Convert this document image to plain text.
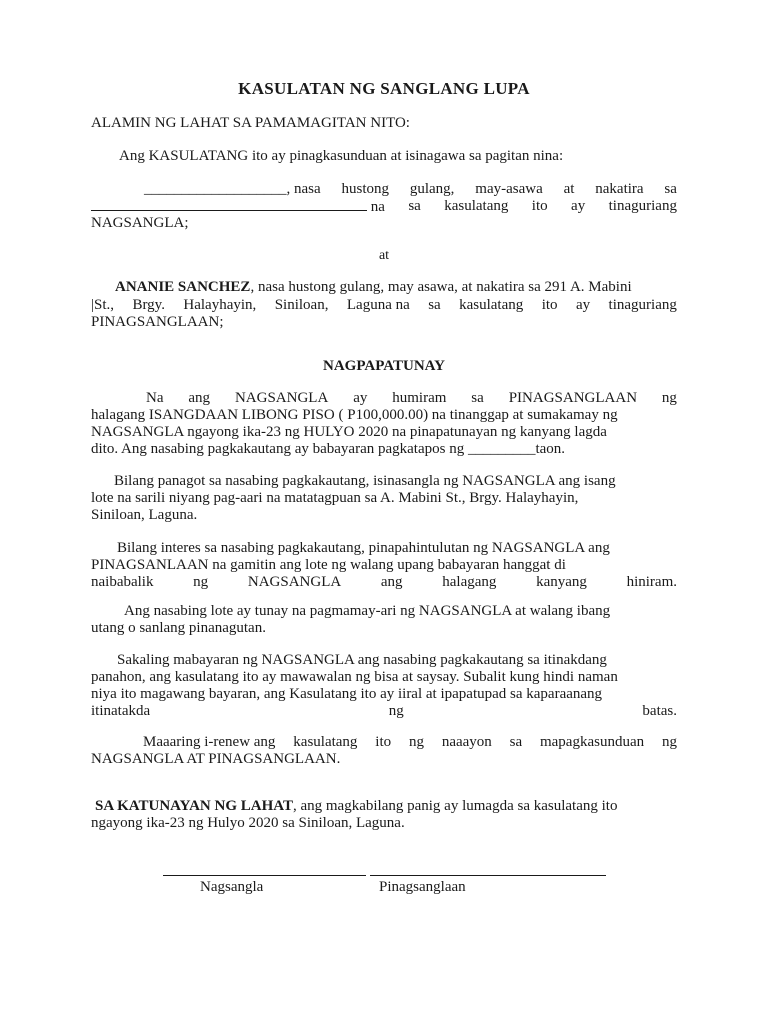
KASULATAN NG SANGLANG LUPA
ALAMIN NG LAHAT SA PAMAMAGITAN NITO:
Ang KASULATANG ito ay pinagkasunduan at isinagawa sa pagitan nina:
___________________, nasa hustong gulang, may-asawa at nakatira sa
na sa kasulatang ito ay tinaguriang
NAGSANGLA;
at
ANANIE SANCHEZ, nasa hustong gulang, may asawa, at nakatira sa 291 A. Mabini
|St., Brgy. Halayhayin, Siniloan, Laguna na sa kasulatang ito ay tinaguriang
PINAGSANGLAAN;
NAGPAPATUNAY
Na ang NAGSANGLA ay humiram sa PINAGSANGLAAN ng
halagang ISANGDAAN LIBONG PISO ( P100,000.00) na tinanggap at sumakamay ng
NAGSANGLA ngayong ika-23 ng HULYO 2020 na pinapatunayan ng kanyang lagda
dito. Ang nasabing pagkakautang ay babayaran pagkatapos ng _________taon.
Bilang panagot sa nasabing pagkakautang, isinasangla ng NAGSANGLA ang isang
lote na sarili niyang pag-aari na matatagpuan sa A. Mabini St., Brgy. Halayhayin,
Siniloan, Laguna.
Bilang interes sa nasabing pagkakautang, pinapahintulutan ng NAGSANGLA ang
PINAGSANLAAN na gamitin ang lote ng walang upang babayaran hanggat di
naibabalik	ng	NAGSANGLA	ang	halagang	kanyang	hiniram.
Ang nasabing lote ay tunay na pagmamay-ari ng NAGSANGLA at walang ibang
utang o sanlang pinanagutan.
Sakaling mabayaran ng NAGSANGLA ang nasabing pagkakautang sa itinakdang
panahon, ang kasulatang ito ay mawawalan ng bisa at saysay. Subalit kung hindi naman
niya ito magawang bayaran, ang Kasulatang ito ay iiral at ipapatupad sa kaparaanang
itinatakda	ng	batas.
Maaaring i-renew ang kasulatang ito ng naaayon sa mapagkasunduan ng
NAGSANGLA AT PINAGSANGLAAN.
SA KATUNAYAN NG LAHAT, ang magkabilang panig ay lumagda sa kasulatang ito
ngayong ika-23 ng Hulyo 2020 sa Siniloan, Laguna.
Nagsangla	Pinagsanglaan
